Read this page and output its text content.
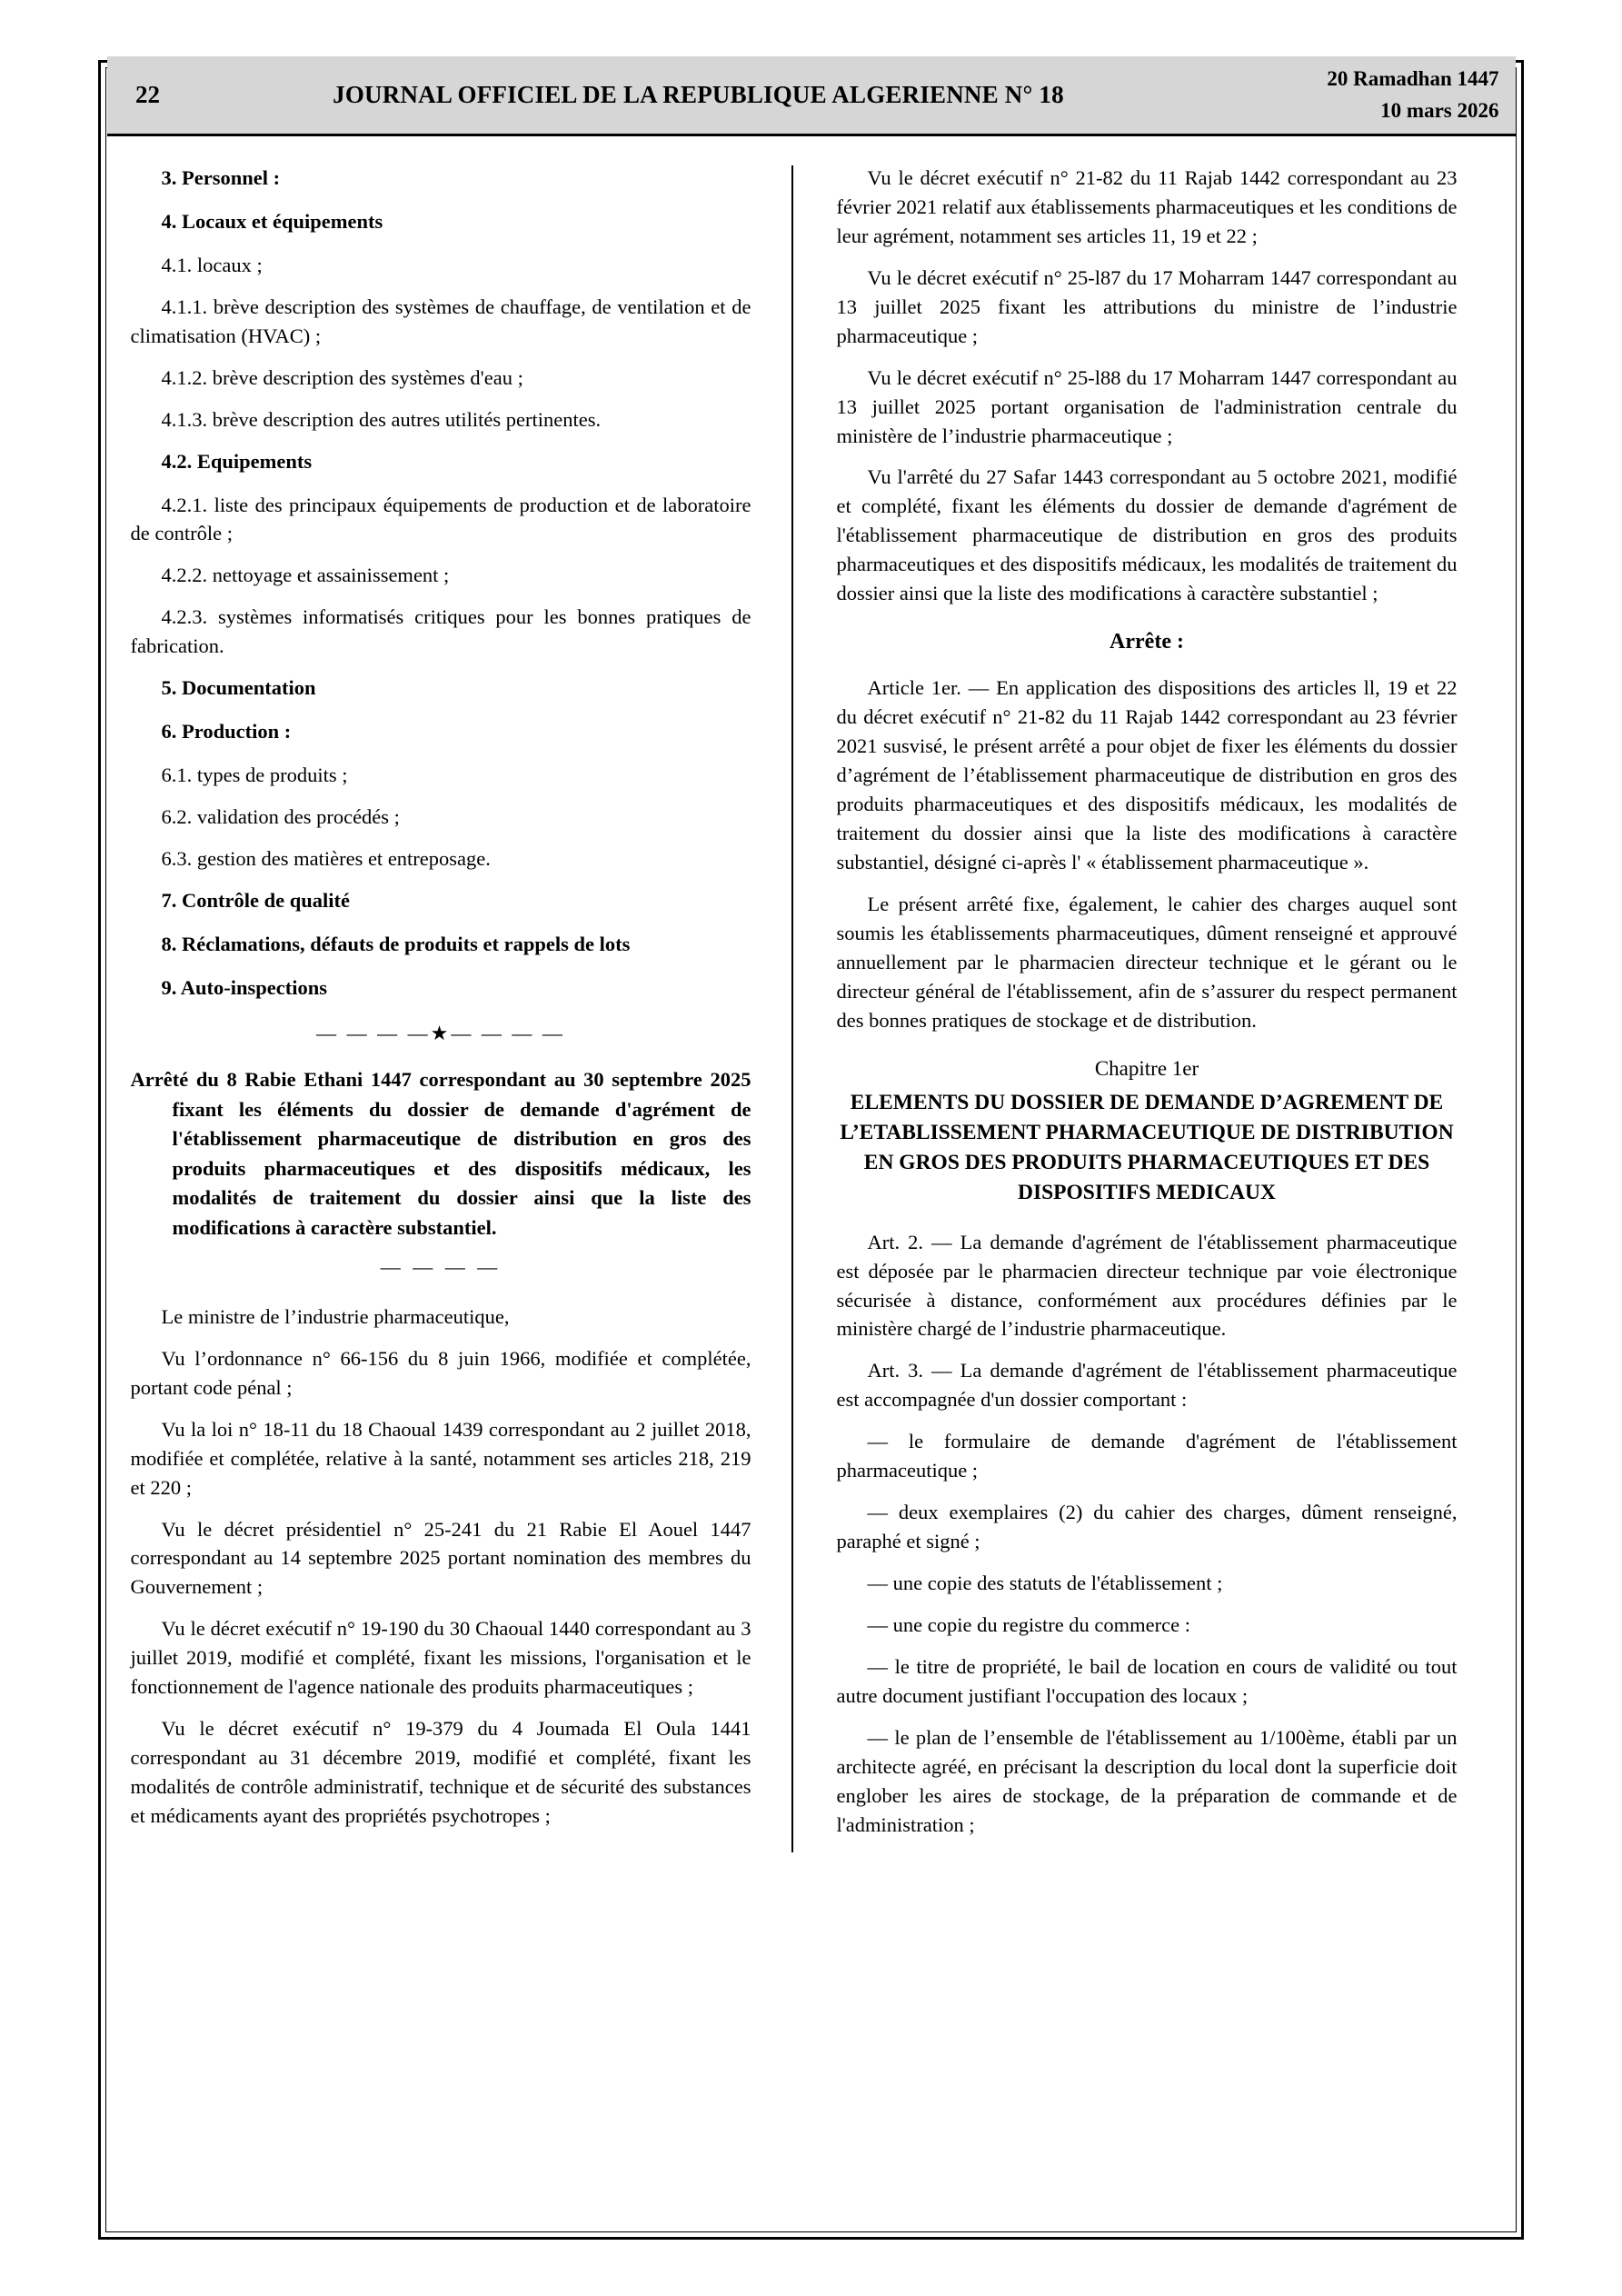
22	JOURNAL OFFICIEL DE LA REPUBLIQUE ALGERIENNE N° 18
20 Ramadhan 1447
10 mars 2026

3. Personnel :

4. Locaux et équipements

4.1. locaux ;

4.1.1. brève description des systèmes de chauffage, de ventilation et de climatisation (HVAC) ;

4.1.2. brève description des systèmes d'eau ;

4.1.3. brève description des autres utilités pertinentes.

4.2. Equipements

4.2.1. liste des principaux équipements de production et de laboratoire de contrôle ;

4.2.2. nettoyage et assainissement ;

4.2.3. systèmes informatisés critiques pour les bonnes pratiques de fabrication.

5. Documentation

6. Production :

6.1. types de produits ;

6.2. validation des procédés ;

6.3. gestion des matières et entreposage.

7. Contrôle de qualité

8. Réclamations, défauts de produits et rappels de lots

9. Auto-inspections

— — — —★— — — —

Arrêté du 8 Rabie Ethani 1447 correspondant au 30 septembre 2025 fixant les éléments du dossier de demande d'agrément de l'établissement pharmaceutique de distribution en gros des produits pharmaceutiques et des dispositifs médicaux, les modalités de traitement du dossier ainsi que la liste des modifications à caractère substantiel.

— — — —

Le ministre de l’industrie pharmaceutique,

Vu l’ordonnance n° 66-156 du 8 juin 1966, modifiée et complétée, portant code pénal ;

Vu la loi n° 18-11 du 18 Chaoual 1439 correspondant au 2 juillet 2018, modifiée et complétée, relative à la santé, notamment ses articles 218, 219 et 220 ;

Vu le décret présidentiel n° 25-241 du 21 Rabie El Aouel 1447 correspondant au 14 septembre 2025 portant nomination des membres du Gouvernement ;

Vu le décret exécutif n° 19-190 du 30 Chaoual 1440 correspondant au 3 juillet 2019, modifié et complété, fixant les missions, l'organisation et le fonctionnement de l'agence nationale des produits pharmaceutiques ;

Vu le décret exécutif n° 19-379 du 4 Joumada El Oula 1441 correspondant au 31 décembre 2019, modifié et complété, fixant les modalités de contrôle administratif, technique et de sécurité des substances et médicaments ayant des propriétés psychotropes ;

Vu le décret exécutif n° 21-82 du 11 Rajab 1442 correspondant au 23 février 2021 relatif aux établissements pharmaceutiques et les conditions de leur agrément, notamment ses articles 11, 19 et 22 ;

Vu le décret exécutif n° 25-l87 du 17 Moharram 1447 correspondant au 13 juillet 2025 fixant les attributions du ministre de l’industrie pharmaceutique ;

Vu le décret exécutif n° 25-l88 du 17 Moharram 1447 correspondant au 13 juillet 2025 portant organisation de l'administration centrale du ministère de l’industrie pharmaceutique ;

Vu l'arrêté du 27 Safar 1443 correspondant au 5 octobre 2021, modifié et complété, fixant les éléments du dossier de demande d'agrément de l'établissement pharmaceutique de distribution en gros des produits pharmaceutiques et des dispositifs médicaux, les modalités de traitement du dossier ainsi que la liste des modifications à caractère substantiel ;

Arrête :

Article 1er. — En application des dispositions des articles ll, 19 et 22 du décret exécutif n° 21-82 du 11 Rajab 1442 correspondant au 23 février 2021 susvisé, le présent arrêté a pour objet de fixer les éléments du dossier d’agrément de l’établissement pharmaceutique de distribution en gros des produits pharmaceutiques et des dispositifs médicaux, les modalités de traitement du dossier ainsi que la liste des modifications à caractère substantiel, désigné ci-après l' « établissement pharmaceutique ».

Le présent arrêté fixe, également, le cahier des charges auquel sont soumis les établissements pharmaceutiques, dûment renseigné et approuvé annuellement par le pharmacien directeur technique et le gérant ou le directeur général de l'établissement, afin de s’assurer du respect permanent des bonnes pratiques de stockage et de distribution.

Chapitre 1er

ELEMENTS DU DOSSIER DE DEMANDE D’AGREMENT DE L’ETABLISSEMENT PHARMACEUTIQUE DE DISTRIBUTION EN GROS DES PRODUITS PHARMACEUTIQUES ET DES DISPOSITIFS MEDICAUX

Art. 2. — La demande d'agrément de l'établissement pharmaceutique est déposée par le pharmacien directeur technique par voie électronique sécurisée à distance, conformément aux procédures définies par le ministère chargé de l’industrie pharmaceutique.

Art. 3. — La demande d'agrément de l'établissement pharmaceutique est accompagnée d'un dossier comportant :

— le formulaire de demande d'agrément de l'établissement pharmaceutique ;

— deux exemplaires (2) du cahier des charges, dûment renseigné, paraphé et signé ;

— une copie des statuts de l'établissement ;

— une copie du registre du commerce :

— le titre de propriété, le bail de location en cours de validité ou tout autre document justifiant l'occupation des locaux ;

— le plan de l’ensemble de l'établissement au 1/100ème, établi par un architecte agréé, en précisant la description du local dont la superficie doit englober les aires de stockage, de la préparation de commande et de l'administration ;
